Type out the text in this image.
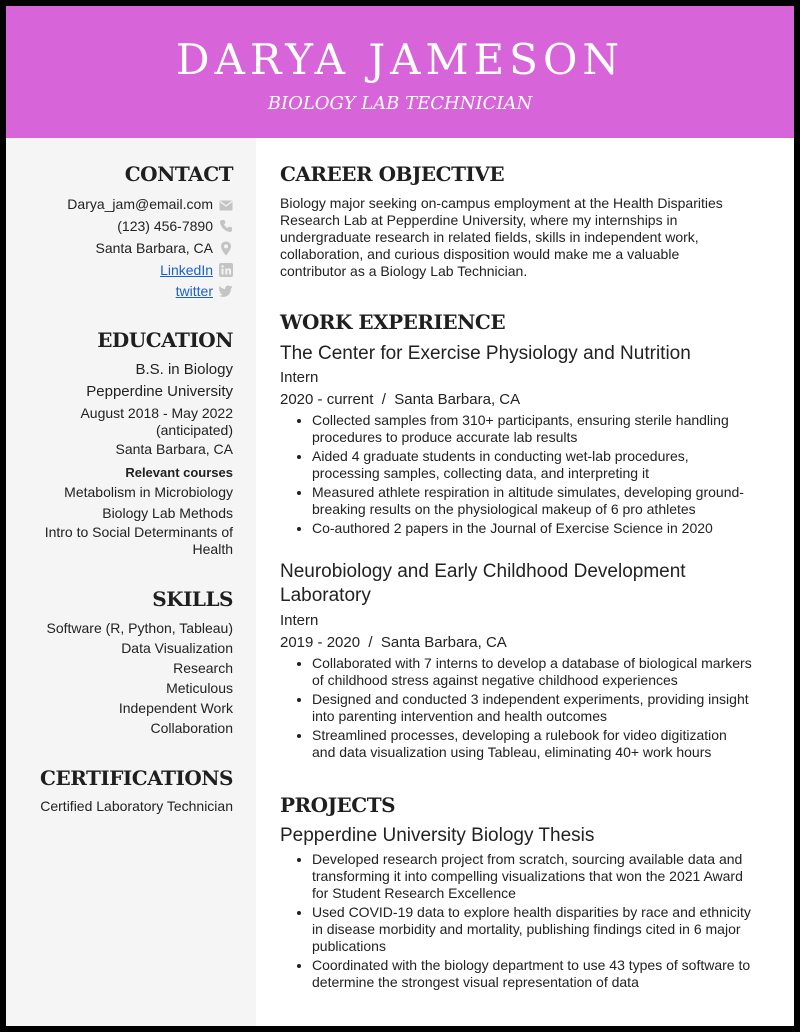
DARYA JAMESON
BIOLOGY LAB TECHNICIAN
CONTACT
Darya_jam@email.com
(123) 456-7890
Santa Barbara, CA
LinkedIn
twitter
EDUCATION
B.S. in Biology
Pepperdine University
August 2018 - May 2022
(anticipated)
Santa Barbara, CA
Relevant courses
Metabolism in Microbiology
Biology Lab Methods
Intro to Social Determinants of Health
SKILLS
Software (R, Python, Tableau)
Data Visualization
Research
Meticulous
Independent Work
Collaboration
CERTIFICATIONS
Certified Laboratory Technician
CAREER OBJECTIVE
Biology major seeking on-campus employment at the Health Disparities Research Lab at Pepperdine University, where my internships in undergraduate research in related fields, skills in independent work, collaboration, and curious disposition would make me a valuable contributor as a Biology Lab Technician.
WORK EXPERIENCE
The Center for Exercise Physiology and Nutrition
Intern
2020 - current  /  Santa Barbara, CA
• Collected samples from 310+ participants, ensuring sterile handling procedures to produce accurate lab results
• Aided 4 graduate students in conducting wet-lab procedures, processing samples, collecting data, and interpreting it
• Measured athlete respiration in altitude simulates, developing ground-breaking results on the physiological makeup of 6 pro athletes
• Co-authored 2 papers in the Journal of Exercise Science in 2020
Neurobiology and Early Childhood Development Laboratory
Intern
2019 - 2020  /  Santa Barbara, CA
• Collaborated with 7 interns to develop a database of biological markers of childhood stress against negative childhood experiences
• Designed and conducted 3 independent experiments, providing insight into parenting intervention and health outcomes
• Streamlined processes, developing a rulebook for video digitization and data visualization using Tableau, eliminating 40+ work hours
PROJECTS
Pepperdine University Biology Thesis
• Developed research project from scratch, sourcing available data and transforming it into compelling visualizations that won the 2021 Award for Student Research Excellence
• Used COVID-19 data to explore health disparities by race and ethnicity in disease morbidity and mortality, publishing findings cited in 6 major publications
• Coordinated with the biology department to use 43 types of software to determine the strongest visual representation of data
